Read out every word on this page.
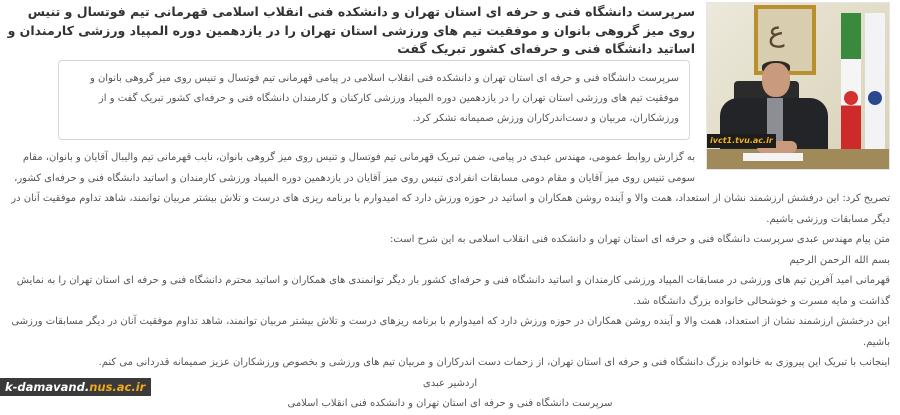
ع
ivct1.tvu.ac.ir
سرپرست دانشگاه فنی و حرفه ای استان تهران و دانشکده فنی انقلاب اسلامی قهرمانی تیم فوتسال و تنیس روی میز گروهی بانوان و موفقیت تیم های ورزشی استان تهران را در یازدهمین دوره المپیاد ورزشی کارمندان و اساتید دانشگاه فنی و حرفه‌ای کشور تبریک گفت
سرپرست دانشگاه فنی و حرفه ای استان تهران و دانشکده فنی انقلاب اسلامی در پیامی قهرمانی تیم فوتسال و تنیس روی میز گروهی بانوان و موفقیت تیم های ورزشی استان تهران را در یازدهمین دوره المپیاد ورزشی کارکنان و کارمندان دانشگاه فنی و حرفه‌ای کشور تبریک گفت و از ورزشکاران، مربیان و دست‌اندرکاران ورزش صمیمانه تشکر کرد.

به گزارش روابط عمومی، مهندس عبدی در پیامی، ضمن تبریک قهرمانی تیم فوتسال و تنیس روی میز گروهی بانوان، نایب قهرمانی تیم والیبال آقایان و بانوان، مقام سومی تنیس روی میز آقایان و مقام دومی مسابقات انفرادی تنیس روی میز آقایان در یازدهمین دوره المپیاد ورزشی کارمندان و اساتید دانشگاه فنی و حرفه‌ای کشور،

تصریح کرد: این درفشش ارزشمند نشان از استعداد، همت والا و آینده روشن همکاران و اساتید در حوزه ورزش دارد که امیدوارم با برنامه ریزی های درست و تلاش بیشتر مربیان توانمند، شاهد تداوم موفقیت آنان در دیگر مسابقات ورزشی باشیم.

متن پیام مهندس عبدی سرپرست دانشگاه فنی و حرفه ای استان تهران و دانشکده فنی انقلاب اسلامی به این شرح است:

بسم الله الرحمن الرحیم

قهرمانی امید آفرین تیم های ورزشی در مسابقات المپیاد ورزشی کارمندان و اساتید دانشگاه فنی و حرفه‌ای کشور بار دیگر توانمندی های همکاران و اساتید محترم دانشگاه فنی و حرفه ای استان تهران را به نمایش گذاشت و مایه مسرت و خوشحالی خانواده بزرگ دانشگاه شد.

این درخشش ارزشمند نشان از استعداد، همت والا و آینده روشن همکاران در حوزه ورزش دارد که امیدوارم با برنامه ریزهای درست و تلاش بیشتر مربیان توانمند، شاهد تداوم موفقیت آنان در دیگر مسابقات ورزشی باشیم.

اینجانب با تبریک این پیروزی به خانواده بزرگ دانشگاه فنی و حرفه ای استان تهران، از زحمات دست اندرکاران و مربیان تیم های ورزشی و بخصوص ورزشکاران عزیز صمیمانه قدردانی می کنم.

اردشیر عبدی

سرپرست دانشگاه فنی و حرفه ای استان تهران و دانشکده فنی انقلاب اسلامی

k-damavand.nus.ac.ir
